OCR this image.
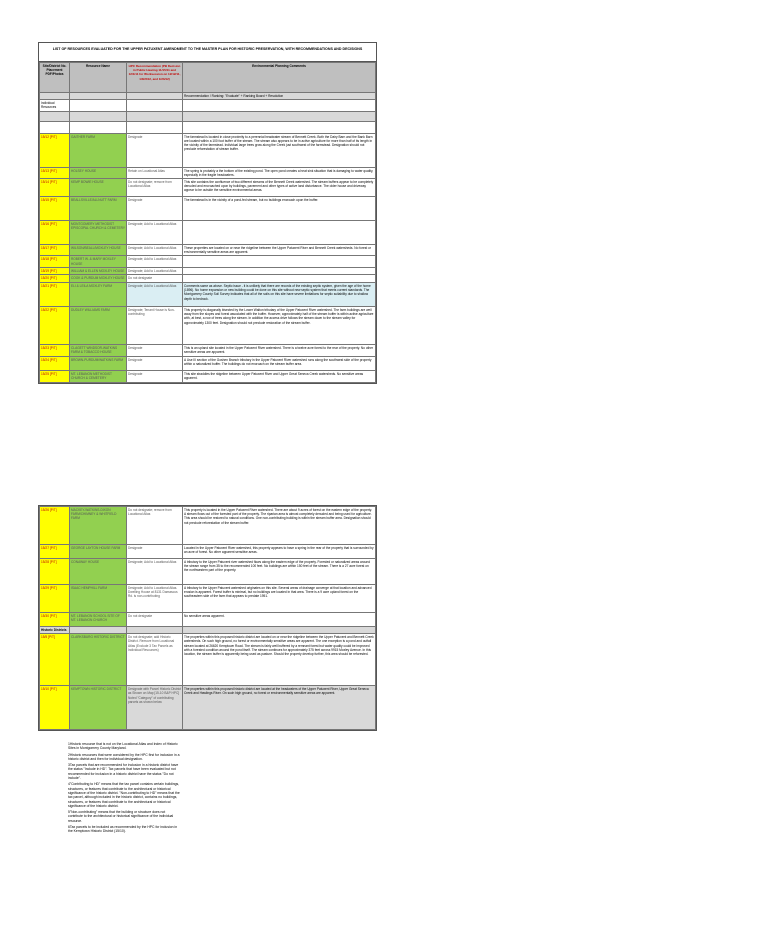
LIST OF RESOURCES EVALUATED FOR THE UPPER PATUXENT AMENDMENT TO THE MASTER PLAN FOR HISTORIC PRESERVATION, WITH RECOMMENDATIONS AND DECISIONS
Site/District No. Placement PDF/Photos	Resource Name	HPC Recommendation (PB Decision in Public Hearing 11/15/11 and 12/1/11 for Worksession on 12/12/11, 1/3/2012, and 1/23/12)	Environmental Planning Comments
			Recommendation / Ranking: "Evaluate" + Ranking Board + Resolution
Individual Resources			

15/12 [P/T]	GAITHER FARM	Designate	The farmstead is located in close proximity to a perennial headwater stream of Bennett Creek. Both the Dairy Barn and the Bank Barn are located within a 100 foot buffer of the stream. The stream also appears to be in active agriculture for more than half of its length in the vicinity of the farmstead. Individual large trees grow along the Creek just southwest of the farmstead. Designation should not preclude reforestation of stream buffer.
15/13 [P/T]	HOLSEY HOUSE	Retain on Locational Atlas	The spring is probably a the bottom of the existing pond. The open pond creates a heat sink situation that is damaging to water quality, especially in the fragile headwaters.
15/14 [P/T]	KEMP BOWIE HOUSE	Do not designate; remove from Locational Atlas	This site contains the confluence of two different streams of the Bennett Creek watershed. The stream buffers appear to be completely denuded and encroached upon by buildings, pavement and other types of active land disturbance. The older house and driveway appear to be outside the sensitive environmental areas.
15/15 [P/T]	BEALLSVILLE/ALLNUTT FARM	Designate	The farmstead is in the vicinity of a pond-fed stream, but no buildings encroach upon the buffer.
15/16 [P/T]	MONTGOMERY METHODIST EPISCOPAL CHURCH & CEMETERY	Designate; Add to Locational Atlas	
15/17 [P/T]	WILSON/BEALL/MOXLEY HOUSE	Designate; Add to Locational Atlas	These properties are located on or near the ridgeline between the Upper Patuxent River and Bennett Creek watersheds. No forest or environmentally sensitive areas are apparent.
15/18 [P/T]	ROBERT W. & MARY MOXLEY HOUSE	Designate; Add to Locational Atlas	
15/19 [P/T]	WILLIAM & ELLEN MOXLEY HOUSE	Designate; Add to Locational Atlas	
15/20 [P/T]	COOK & PURDUM MOXLEY HOUSE	Do not designate	
15/21 [P/T]	ELI & LEILA MOXLEY FARM	Designate; Add to Locational Atlas	Comments same as above. Septic issue - it is unlikely that there are records of the existing septic system, given the age of the home (1896). No home expansion or new building could be done on this site without new septic system that meets current standards. The Montgomery County Soil Survey indicates that all of the soils on this site have severe limitations for septic suitability due to shallow depth to bedrock.
15/22 [P/T]	DUDLEY WILLIAMS FARM	Designate; Tenant House is Non-contributing	This property is diagonally bisected by the Lower Walton tributary of the Upper Patuxent River watershed. The farm buildings are well away from the slopes and forest associated with the buffer. However, approximately half of the stream buffer is within active agriculture with, at best, a row of trees along the stream. In addition the access drive follows the stream down to the stream valley for approximately 1300 feet. Designation should not preclude restoration of the stream buffer.
15/23 [P/T]	CLAGETT WINDSOR-WATKINS FARM & TOBACCO HOUSE	Designate	This is an upland site located in the Upper Patuxent River watershed. There is a twelve acre forest to the rear of the property. No other sensitive areas are apparent.
15/24 [P/T]	BROWN-PURDUM/WATKINS FARM	Designate	A Use III section of the Goshen Branch tributary in the Upper Patuxent River watershed runs along the southwest side of the property within a naturalized buffer. The buildings do not encroach on the stream buffer area.
15/25 [P/T]	MT. LEBANON METHODIST CHURCH & CEMETERY	Designate	This site straddles the ridgeline between Upper Patuxent River and Upper Great Seneca Creek watersheds. No sensitive areas apparent.
15/26 [P/T]	MACKEY-WATKINS-DIXON FARM/CHIMNEY & WHITFIELD FARM	Do not designate; remove from Locational Atlas	This property is located in the Upper Patuxent River watershed. There are about 9 acres of forest on the eastern edge of the property. A stream flows out of the forested part of the property. The riparian area is almost completely denuded and being used for agriculture. This area should be restored to natural conditions. One non-contributing building is within the stream buffer area. Designation should not preclude reforestation of the stream buffer.
15/27 [P/T]	GEORGE LAYTON HOUSE FARM	Designate	Located in the Upper Patuxent River watershed, this property appears to have a spring in the rear of the property that is surrounded by an acre of forest. No other apparent sensitive areas.
15/28 [P/T]	CONAWAY HOUSE	Designate; Add to Locational Atlas	A tributary to the Upper Patuxent river watershed flows along the eastern edge of the property. Forested or naturalized areas around the stream range from 35 to the recommended 100 feet. No buildings are within 150 feet of the stream. There is a 27 acre forest on the northwestern part of the property.
15/29 [P/T]	ISAAC HEMPHILL FARM	Designate; Add to Locational Atlas. Dwelling House at 8131 Damascus Rd. is non-contributing	A tributary to the Upper Patuxent watershed originates on this site. Several areas of drainage converge at that location and advanced erosion is apparent. Forest buffer is minimal, but no buildings are located in that area. There is a 9 acre upland forest on the southeastern side of the farm that appears to predate 1951.
15/30 [P/T]	MT. LEBANON SCHOOL SITE OF MT. LEBANON CHURCH	Do not designate	No sensitive areas apparent.
Historic Districts			
15/5 [P/T]	CLARKSBURG HISTORIC DISTRICT	Do not designate; add Historic District. Remove from Locational Atlas (Exclude 3 Tax Parcels as Individual Resources)	The properties within this proposed historic district are located on or near the ridgeline between the Upper Patuxent and Bennett Creek watersheds. On such high ground, no forest or environmentally sensitive areas are apparent. The one exception is a pond and outfall stream located at 26620 Kemptown Road. The stream is fairly well buffered by a remnant forest but water quality could be improved with a forested condition around the pond itself. The stream continues for approximately 375 feet across 9915 Moxley Avenue. In this location, the stream buffer is apparently being used as pasture. Should the property develop further, this area should be reforested.
15/10 [P/T]	KEMPTOWN HISTORIC DISTRICT	Designate with Parcel Historic District as Shown on Map [15-10 B&P HPC] Noted "Category" of contributing parcels as shown below	The properties within this proposed historic district are located at the headwaters of the Upper Patuxent River, Upper Great Seneca Creek and Hawlings River. On such high ground, no forest or environmentally sensitive areas are apparent.

1Historic resource that is not on the Locational Atlas and Index of Historic Sites in Montgomery County Maryland.

2Historic resources that were considered by the HPC first for inclusion in a historic district and then for individual designation.

3Tax parcels that are recommended for inclusion in a historic district have the status "Include in HD". Tax parcels that have been evaluated but not recommended for inclusion in a historic district have the status "Do not include".

4"Contributing to HD" means that the tax parcel contains certain buildings, structures, or features that contribute to the architectural or historical significance of the historic district. "Non-contributing to HD" means that the tax parcel, although included in the historic district, contains no buildings, structures, or features that contribute to the architectural or historical significance of the historic district.

5"Non-contributing" means that the building or structure does not contribute to the architectural or historical significance of the individual resource.

6Tax parcels to be included as recommended by the HPC for inclusion in the Kemptown Historic District (15/10).
